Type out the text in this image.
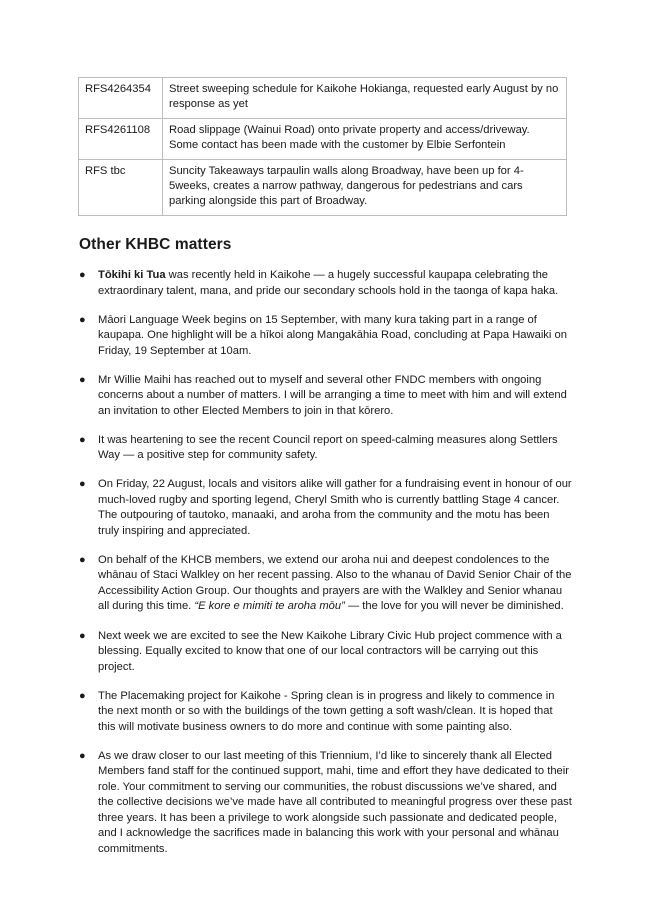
RFS4264354	Street sweeping schedule for Kaikohe Hokianga, requested early August by no response as yet
RFS4261108	Road slippage (Wainui Road) onto private property and access/driveway. Some contact has been made with the customer by Elbie Serfontein
RFS tbc	Suncity Takeaways tarpaulin walls along Broadway, have been up for 4-5weeks, creates a narrow pathway, dangerous for pedestrians and cars parking alongside this part of Broadway.
Other KHBC matters
● Tōkihi ki Tua was recently held in Kaikohe — a hugely successful kaupapa celebrating the extraordinary talent, mana, and pride our secondary schools hold in the taonga of kapa haka.
● Māori Language Week begins on 15 September, with many kura taking part in a range of kaupapa. One highlight will be a hīkoi along Mangakāhia Road, concluding at Papa Hawaiki on Friday, 19 September at 10am.
● Mr Willie Maihi has reached out to myself and several other FNDC members with ongoing concerns about a number of matters. I will be arranging a time to meet with him and will extend an invitation to other Elected Members to join in that kōrero.
● It was heartening to see the recent Council report on speed-calming measures along Settlers Way — a positive step for community safety.
● On Friday, 22 August, locals and visitors alike will gather for a fundraising event in honour of our much-loved rugby and sporting legend, Cheryl Smith who is currently battling Stage 4 cancer. The outpouring of tautoko, manaaki, and aroha from the community and the motu has been truly inspiring and appreciated.
● On behalf of the KHCB members, we extend our aroha nui and deepest condolences to the whānau of Staci Walkley on her recent passing. Also to the whanau of David Senior Chair of the Accessibility Action Group. Our thoughts and prayers are with the Walkley and Senior whanau all during this time. “E kore e mimiti te aroha mōu” — the love for you will never be diminished.
● Next week we are excited to see the New Kaikohe Library Civic Hub project commence with a blessing. Equally excited to know that one of our local contractors will be carrying out this project.
● The Placemaking project for Kaikohe - Spring clean is in progress and likely to commence in the next month or so with the buildings of the town getting a soft wash/clean. It is hoped that this will motivate business owners to do more and continue with some painting also.
● As we draw closer to our last meeting of this Triennium, I’d like to sincerely thank all Elected Members fand staff for the continued support, mahi, time and effort they have dedicated to their role. Your commitment to serving our communities, the robust discussions we’ve shared, and the collective decisions we’ve made have all contributed to meaningful progress over these past three years. It has been a privilege to work alongside such passionate and dedicated people, and I acknowledge the sacrifices made in balancing this work with your personal and whānau commitments.
